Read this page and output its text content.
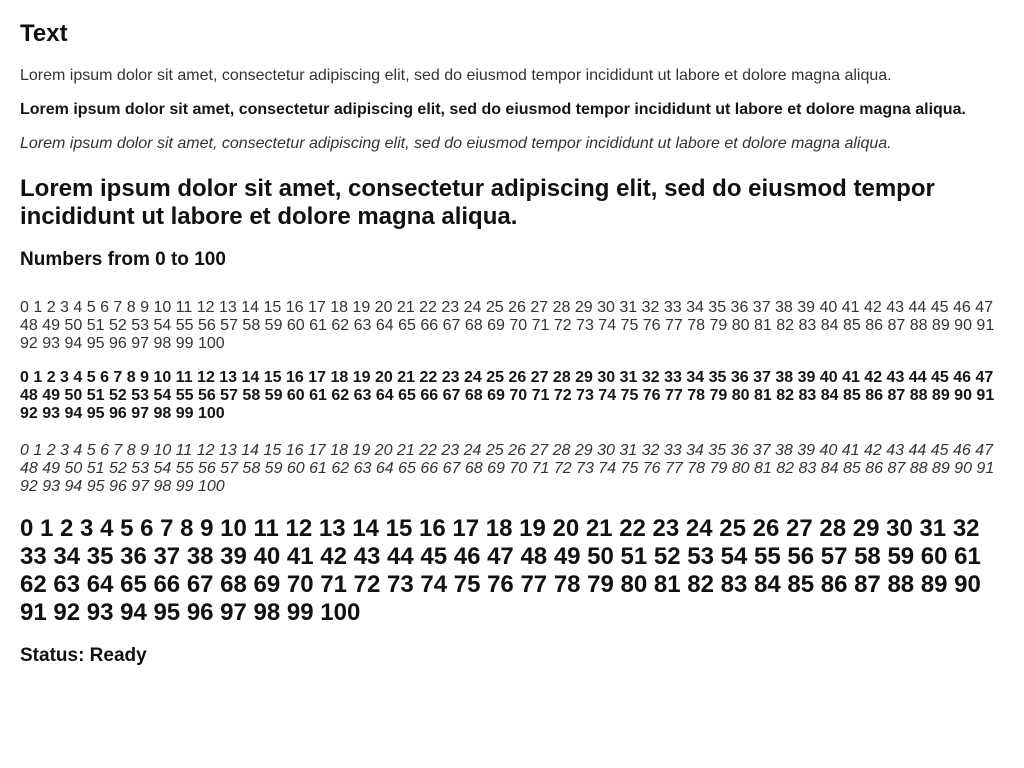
Text

Lorem ipsum dolor sit amet, consectetur adipiscing elit, sed do eiusmod tempor incididunt ut labore et dolore magna aliqua.

Lorem ipsum dolor sit amet, consectetur adipiscing elit, sed do eiusmod tempor incididunt ut labore et dolore magna aliqua.

Lorem ipsum dolor sit amet, consectetur adipiscing elit, sed do eiusmod tempor incididunt ut labore et dolore magna aliqua.

Lorem ipsum dolor sit amet, consectetur adipiscing elit, sed do eiusmod tempor incididunt ut labore et dolore magna aliqua.
Numbers from 0 to 100

0 1 2 3 4 5 6 7 8 9 10 11 12 13 14 15 16 17 18 19 20 21 22 23 24 25 26 27 28 29 30 31 32 33 34 35 36 37 38 39 40 41 42 43 44 45 46 47 48 49 50 51 52 53 54 55 56 57 58 59 60 61 62 63 64 65 66 67 68 69 70 71 72 73 74 75 76 77 78 79 80 81 82 83 84 85 86 87 88 89 90 91 92 93 94 95 96 97 98 99 100

0 1 2 3 4 5 6 7 8 9 10 11 12 13 14 15 16 17 18 19 20 21 22 23 24 25 26 27 28 29 30 31 32 33 34 35 36 37 38 39 40 41 42 43 44 45 46 47 48 49 50 51 52 53 54 55 56 57 58 59 60 61 62 63 64 65 66 67 68 69 70 71 72 73 74 75 76 77 78 79 80 81 82 83 84 85 86 87 88 89 90 91 92 93 94 95 96 97 98 99 100

0 1 2 3 4 5 6 7 8 9 10 11 12 13 14 15 16 17 18 19 20 21 22 23 24 25 26 27 28 29 30 31 32 33 34 35 36 37 38 39 40 41 42 43 44 45 46 47 48 49 50 51 52 53 54 55 56 57 58 59 60 61 62 63 64 65 66 67 68 69 70 71 72 73 74 75 76 77 78 79 80 81 82 83 84 85 86 87 88 89 90 91 92 93 94 95 96 97 98 99 100

0 1 2 3 4 5 6 7 8 9 10 11 12 13 14 15 16 17 18 19 20 21 22 23 24 25 26 27 28 29 30 31 32 33 34 35 36 37 38 39 40 41 42 43 44 45 46 47 48 49 50 51 52 53 54 55 56 57 58 59 60 61 62 63 64 65 66 67 68 69 70 71 72 73 74 75 76 77 78 79 80 81 82 83 84 85 86 87 88 89 90 91 92 93 94 95 96 97 98 99 100

Status: Ready
